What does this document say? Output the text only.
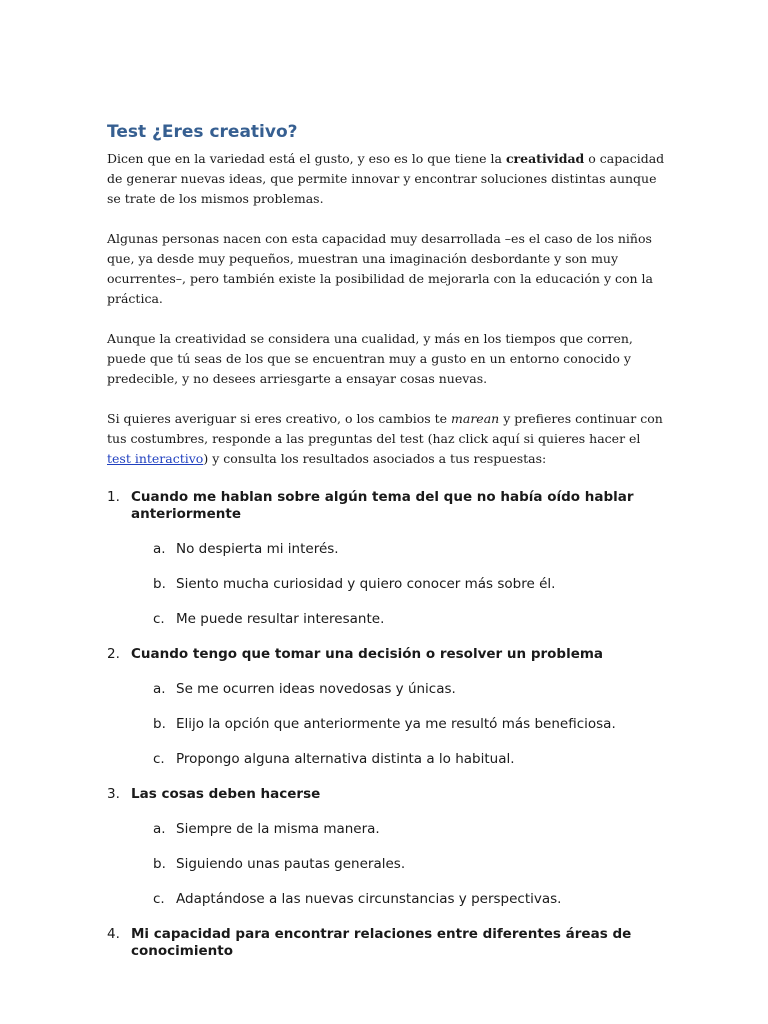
Test ¿Eres creativo?

Dicen que en la variedad está el gusto, y eso es lo que tiene la creatividad o capacidad de generar nuevas ideas, que permite innovar y encontrar soluciones distintas aunque se trate de los mismos problemas.

Algunas personas nacen con esta capacidad muy desarrollada –es el caso de los niños que, ya desde muy pequeños, muestran una imaginación desbordante y son muy ocurrentes–, pero también existe la posibilidad de mejorarla con la educación y con la práctica.

Aunque la creatividad se considera una cualidad, y más en los tiempos que corren, puede que tú seas de los que se encuentran muy a gusto en un entorno conocido y predecible, y no desees arriesgarte a ensayar cosas nuevas.

Si quieres averiguar si eres creativo, o los cambios te marean y prefieres continuar con tus costumbres, responde a las preguntas del test (haz click aquí si quieres hacer el test interactivo) y consulta los resultados asociados a tus respuestas:

1. Cuando me hablan sobre algún tema del que no había oído hablar anteriormente
a. No despierta mi interés.
b. Siento mucha curiosidad y quiero conocer más sobre él.
c. Me puede resultar interesante.
2. Cuando tengo que tomar una decisión o resolver un problema
a. Se me ocurren ideas novedosas y únicas.
b. Elijo la opción que anteriormente ya me resultó más beneficiosa.
c. Propongo alguna alternativa distinta a lo habitual.
3. Las cosas deben hacerse
a. Siempre de la misma manera.
b. Siguiendo unas pautas generales.
c. Adaptándose a las nuevas circunstancias y perspectivas.
4. Mi capacidad para encontrar relaciones entre diferentes áreas de conocimiento
